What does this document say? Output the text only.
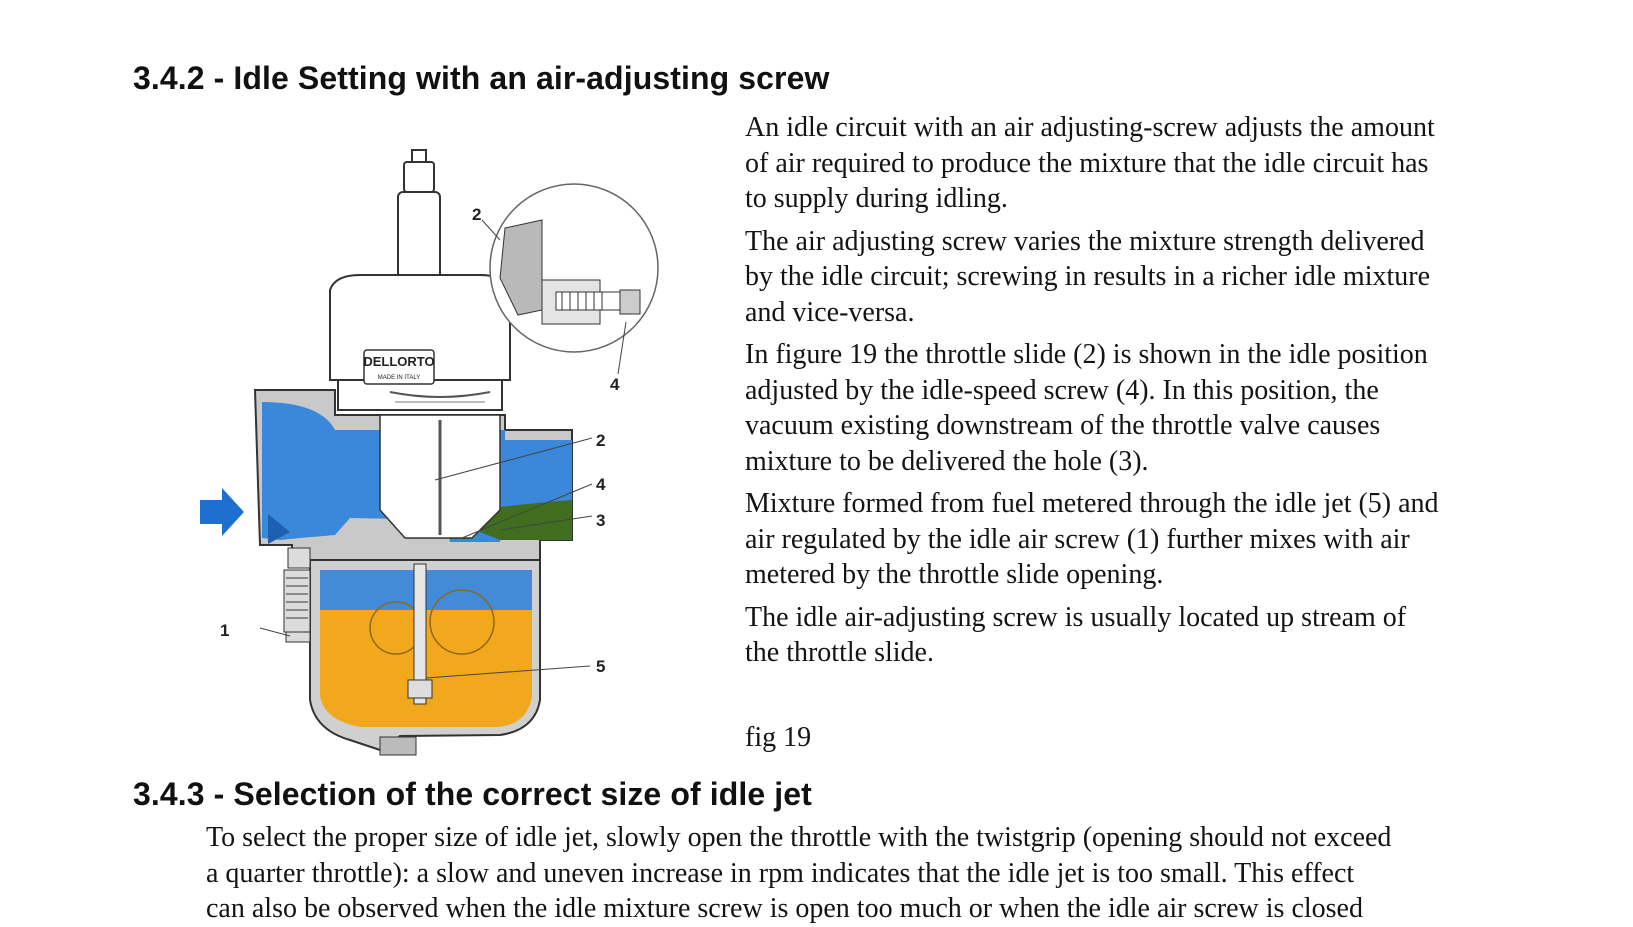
3.4.2 - Idle Setting with an air-adjusting screw
DELLORTO
MADE IN ITALY
2
4
2
4
3
1
5

An idle circuit with an air adjusting-screw adjusts the amount
of air required to produce the mixture that the idle circuit has
to supply during idling.

The air adjusting screw varies the mixture strength delivered
by the idle circuit; screwing in results in a richer idle mixture
and vice-versa.

In figure 19 the throttle slide (2) is shown in the idle position
adjusted by the idle-speed screw (4). In this position, the
vacuum existing downstream of the throttle valve causes
mixture to be delivered the hole (3).

Mixture formed from fuel metered through the idle jet (5) and
air regulated by the idle air screw (1) further mixes with air
metered by the throttle slide opening.

The idle air-adjusting screw is usually located up stream of
the throttle slide.

fig 19
3.4.3 - Selection of the correct size of idle jet
To select the proper size of idle jet, slowly open the throttle with the twistgrip (opening should not exceed
a quarter throttle): a slow and uneven increase in rpm indicates that the idle jet is too small. This effect
can also be observed when the idle mixture screw is open too much or when the idle air screw is closed
